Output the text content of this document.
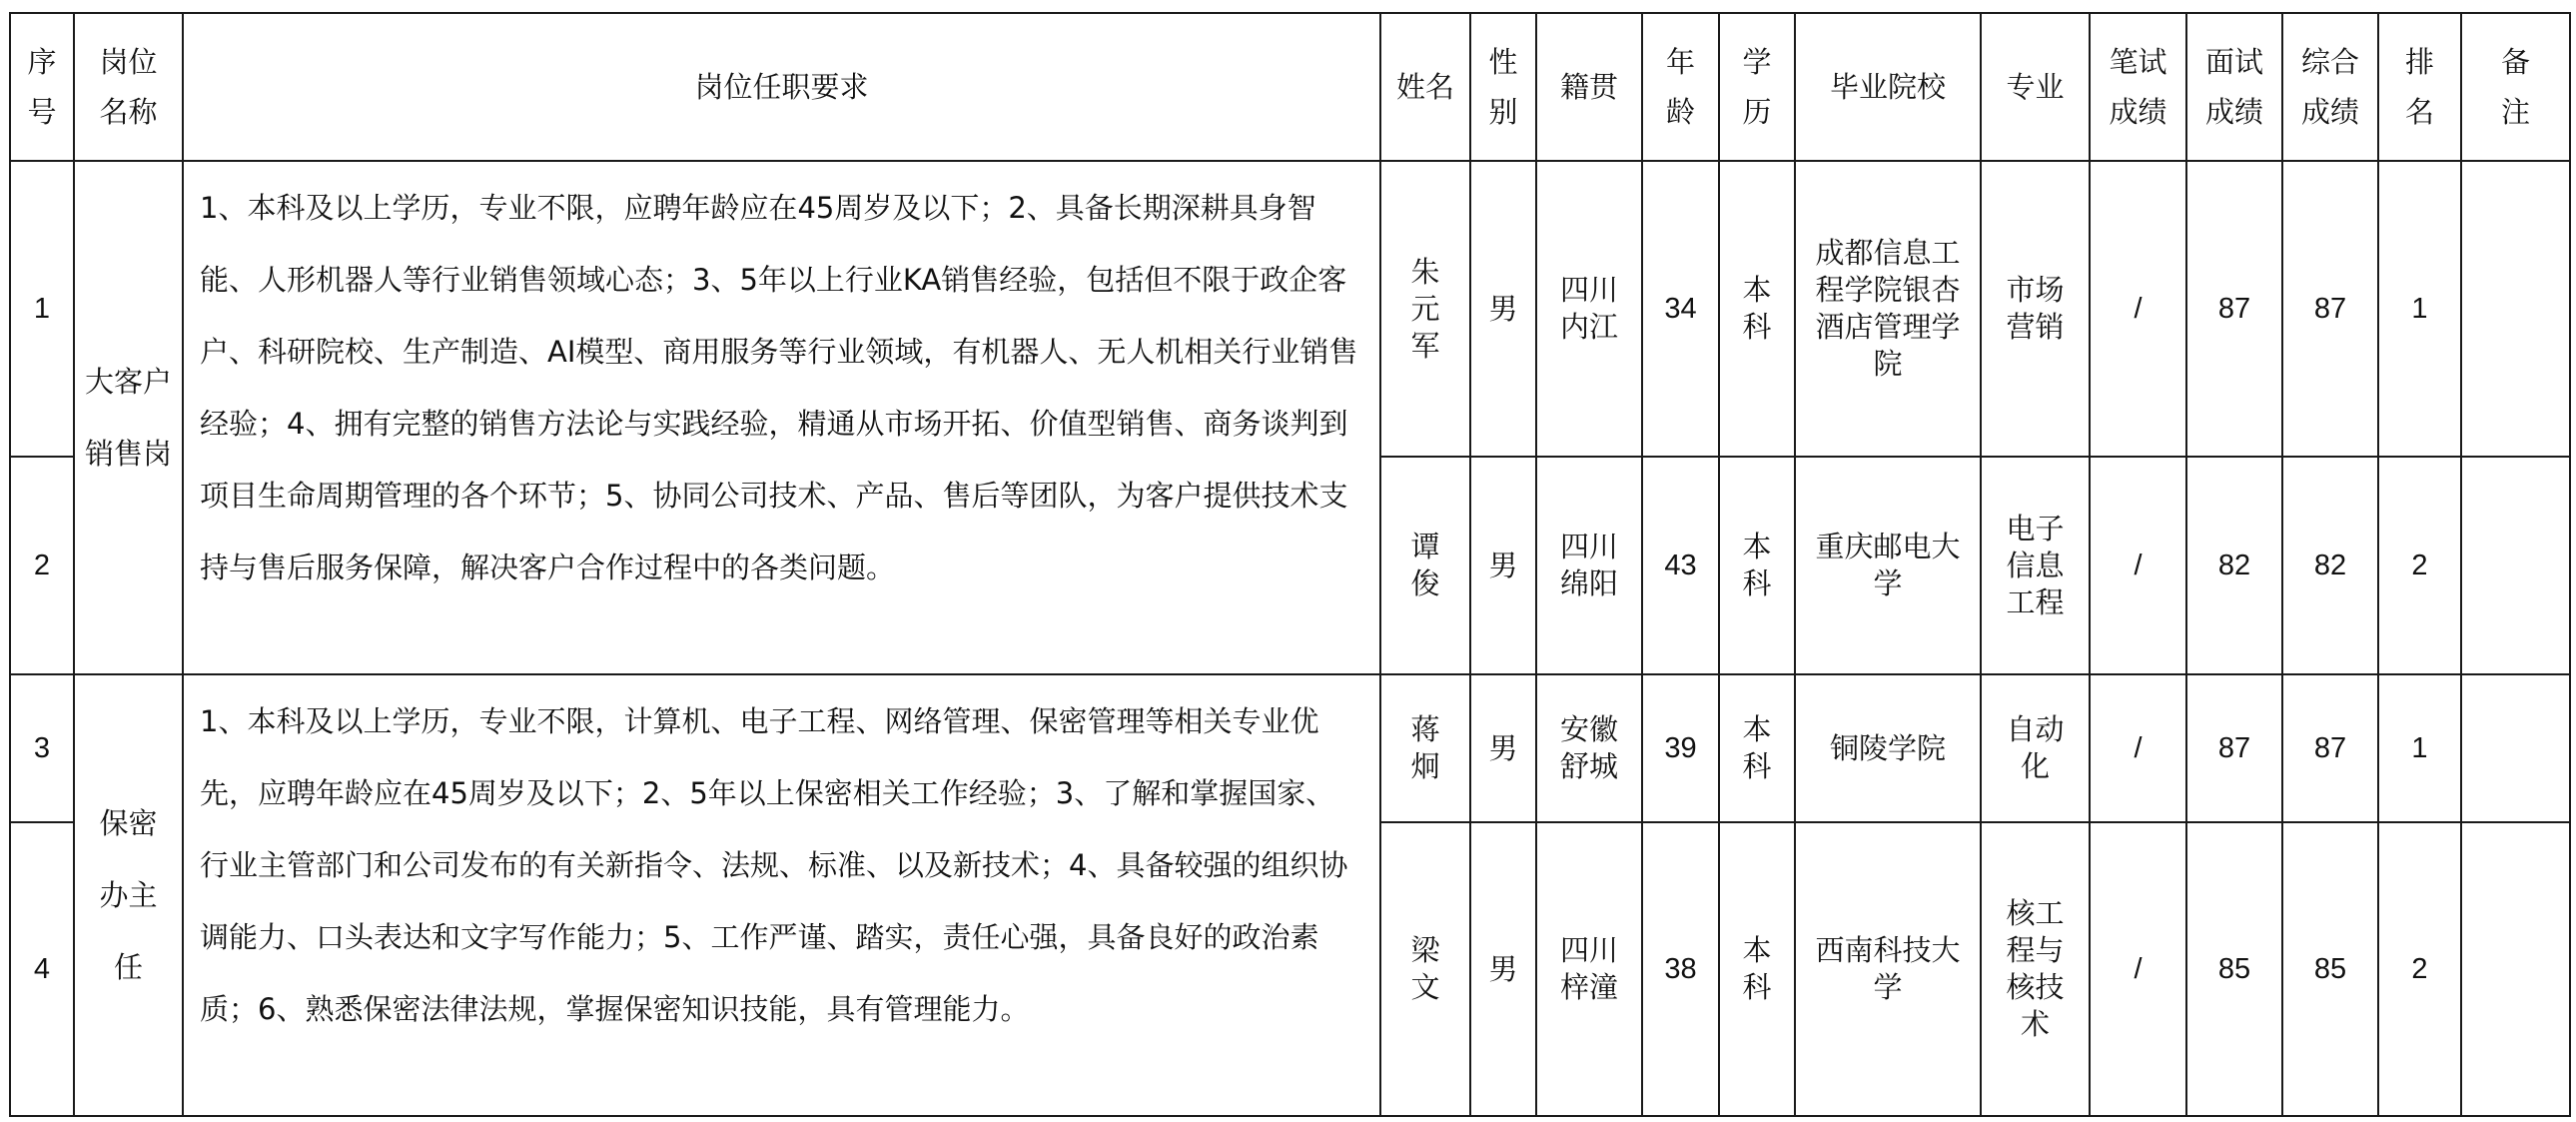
序号	岗位名称	岗位任职要求	姓名	性别	籍贯	年龄	学历	毕业院校	专业	笔试成绩	面试成绩	综合成绩	排名	备注
1	大客户销售岗	1、本科及以上学历，专业不限，应聘年龄应在45周岁及以下；2、具备长期深耕具身智能、人形机器人等行业销售领域心态；3、5年以上行业KA销售经验，包括但不限于政企客户、科研院校、生产制造、AI模型、商用服务等行业领域，有机器人、无人机相关行业销售经验；4、拥有完整的销售方法论与实践经验，精通从市场开拓、价值型销售、商务谈判到项目生命周期管理的各个环节；5、协同公司技术、产品、售后等团队，为客户提供技术支持与售后服务保障，解决客户合作过程中的各类问题。	朱元军	男	四川内江	34	本科	成都信息工程学院银杏酒店管理学院	市场营销	/	87	87	1	
2			谭俊	男	四川绵阳	43	本科	重庆邮电大学	电子信息工程	/	82	82	2	
3	保密办主任	1、本科及以上学历，专业不限，计算机、电子工程、网络管理、保密管理等相关专业优先，应聘年龄应在45周岁及以下；2、5年以上保密相关工作经验；3、了解和掌握国家、行业主管部门和公司发布的有关新指令、法规、标准、以及新技术；4、具备较强的组织协调能力、口头表达和文字写作能力；5、工作严谨、踏实，责任心强，具备良好的政治素质；6、熟悉保密法律法规，掌握保密知识技能，具有管理能力。	蒋炯	男	安徽舒城	39	本科	铜陵学院	自动化	/	87	87	1	
4			梁文	男	四川梓潼	38	本科	西南科技大学	核工程与核技术	/	85	85	2	
